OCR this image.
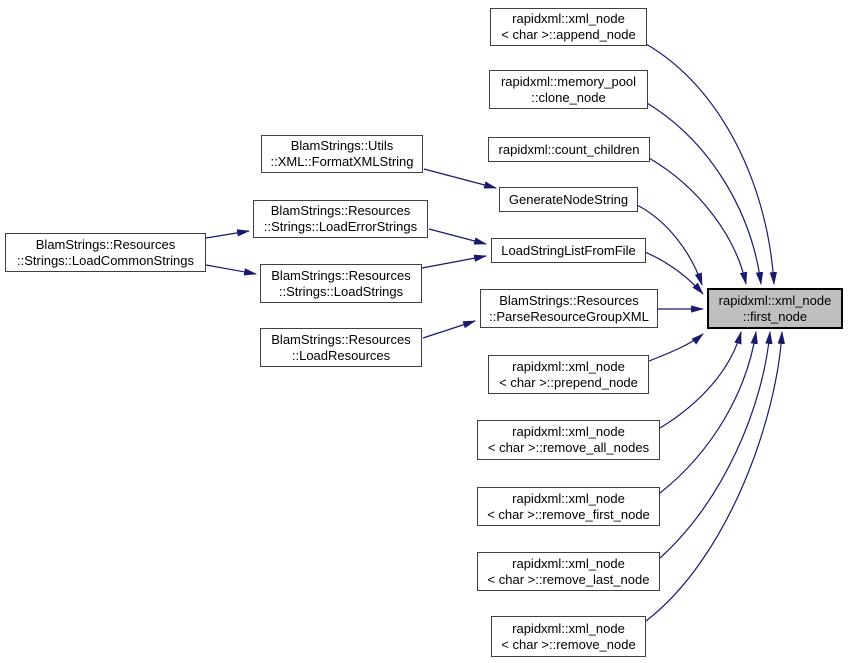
rapidxml::xml_node
< char >::append_node
rapidxml::memory_pool
::clone_node
rapidxml::count_children
BlamStrings::Utils
::XML::FormatXMLString
GenerateNodeString
BlamStrings::Resources
::Strings::LoadErrorStrings
BlamStrings::Resources
::Strings::LoadCommonStrings
LoadStringListFromFile
BlamStrings::Resources
::Strings::LoadStrings
BlamStrings::Resources
::ParseResourceGroupXML
rapidxml::xml_node
::first_node
BlamStrings::Resources
::LoadResources
rapidxml::xml_node
< char >::prepend_node
rapidxml::xml_node
< char >::remove_all_nodes
rapidxml::xml_node
< char >::remove_first_node
rapidxml::xml_node
< char >::remove_last_node
rapidxml::xml_node
< char >::remove_node
